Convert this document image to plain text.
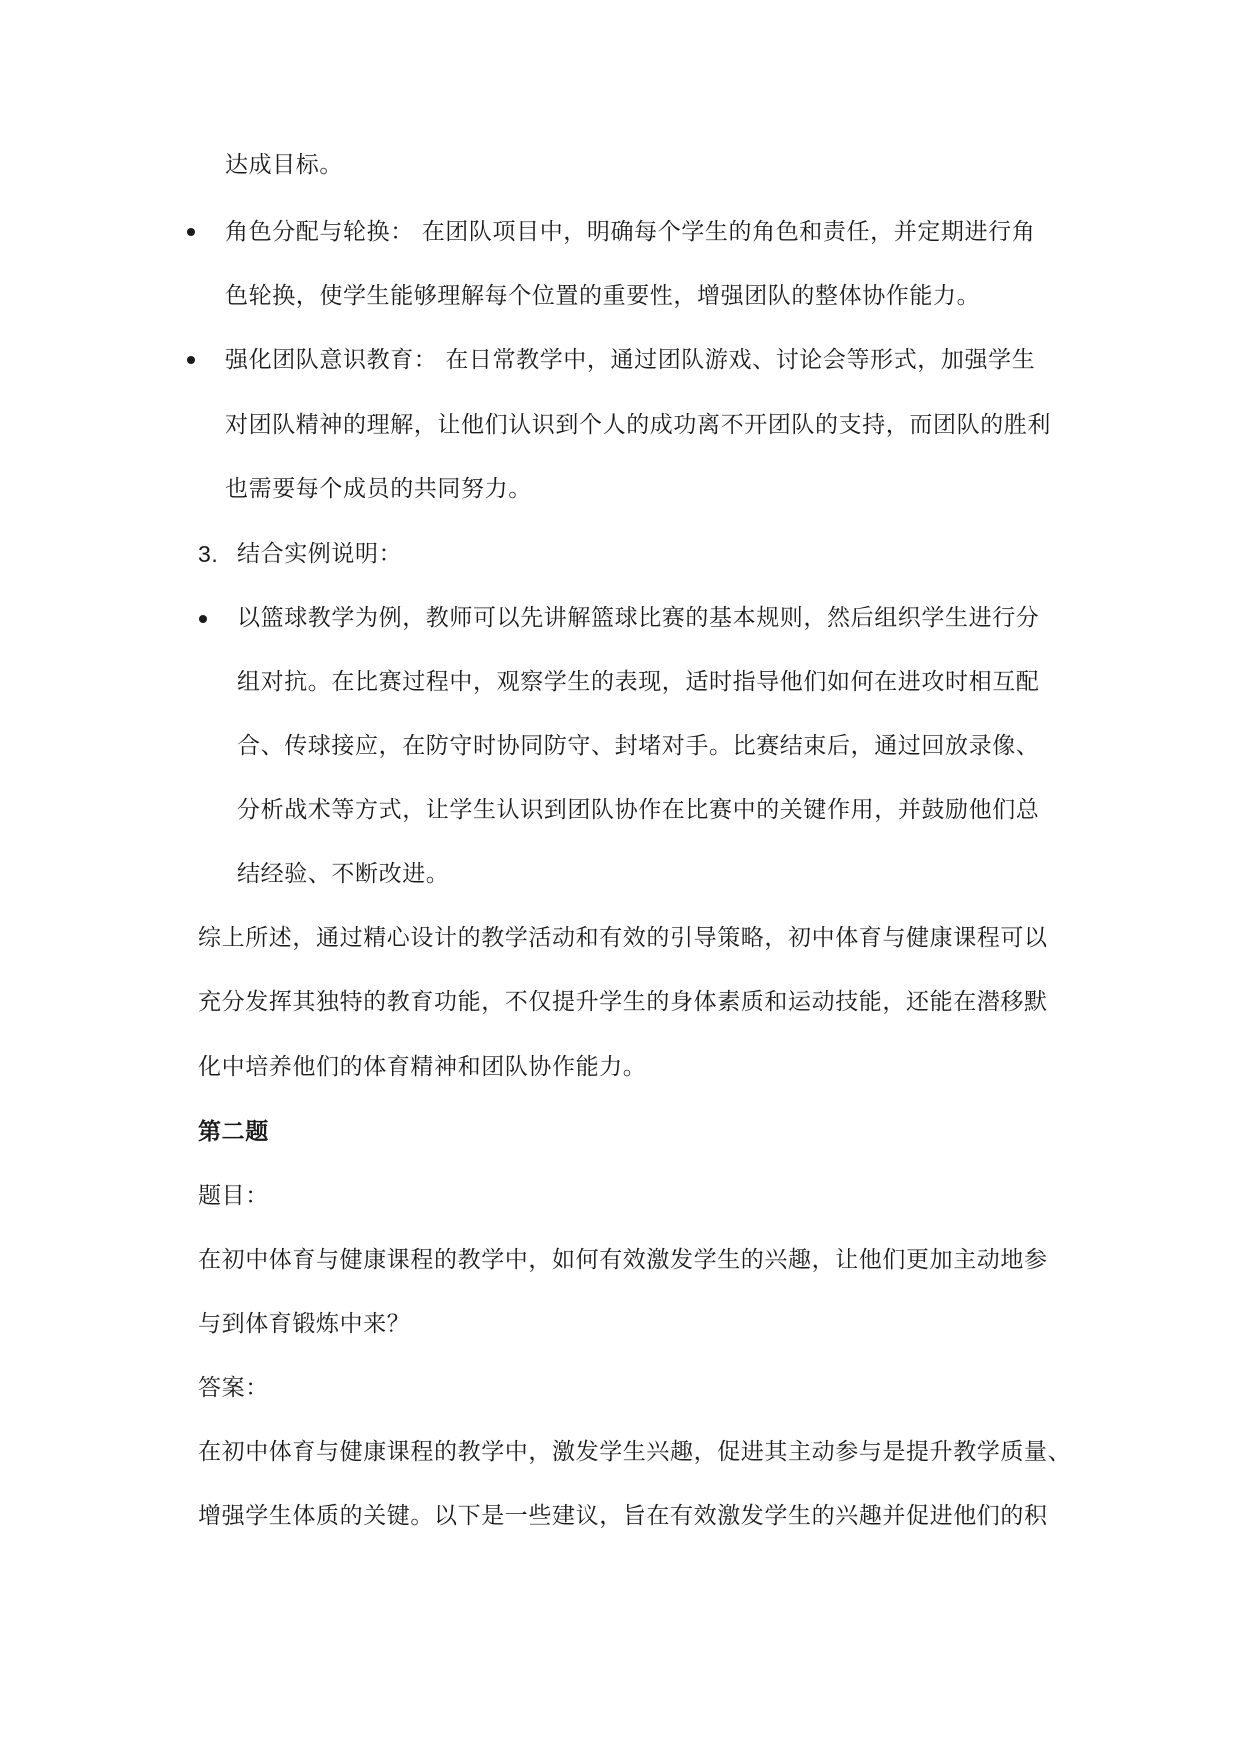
达成目标。
角色分配与轮换： 在团队项目中，明确每个学生的角色和责任，并定期进行角
色轮换，使学生能够理解每个位置的重要性，增强团队的整体协作能力。
强化团队意识教育： 在日常教学中，通过团队游戏、讨论会等形式，加强学生
对团队精神的理解，让他们认识到个人的成功离不开团队的支持，而团队的胜利
也需要每个成员的共同努力。
3. 结合实例说明：
以篮球教学为例，教师可以先讲解篮球比赛的基本规则，然后组织学生进行分
组对抗。在比赛过程中，观察学生的表现，适时指导他们如何在进攻时相互配
合、传球接应，在防守时协同防守、封堵对手。比赛结束后，通过回放录像、
分析战术等方式，让学生认识到团队协作在比赛中的关键作用，并鼓励他们总
结经验、不断改进。
综上所述，通过精心设计的教学活动和有效的引导策略，初中体育与健康课程可以
充分发挥其独特的教育功能，不仅提升学生的身体素质和运动技能，还能在潜移默
化中培养他们的体育精神和团队协作能力。
第二题
题目：
在初中体育与健康课程的教学中，如何有效激发学生的兴趣，让他们更加主动地参
与到体育锻炼中来？
答案：
在初中体育与健康课程的教学中，激发学生兴趣，促进其主动参与是提升教学质量、
增强学生体质的关键。以下是一些建议，旨在有效激发学生的兴趣并促进他们的积
